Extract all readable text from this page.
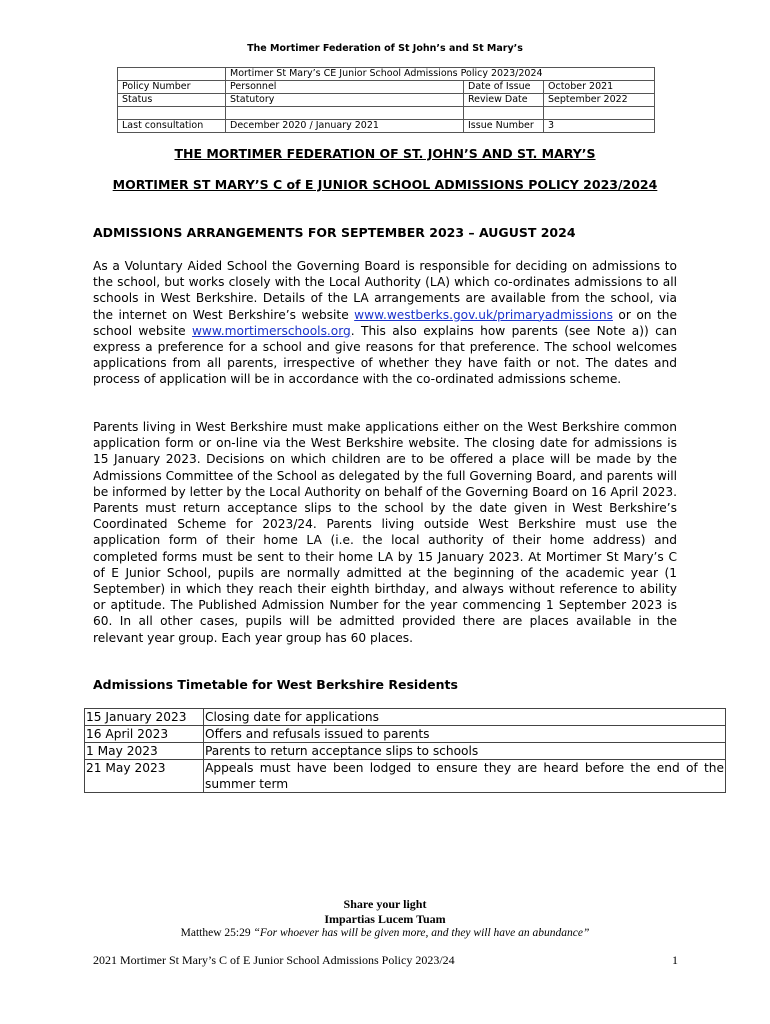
The Mortimer Federation of St John’s and St Mary’s
	Mortimer St Mary’s CE Junior School Admissions Policy 2023/2024		
Policy Number	Personnel	Date of Issue	October 2021
Status	Statutory	Review Date	September 2022

Last consultation	December 2020 / January 2021	Issue Number	3
THE MORTIMER FEDERATION OF ST. JOHN’S AND ST. MARY’S
MORTIMER ST MARY’S C of E JUNIOR SCHOOL ADMISSIONS POLICY 2023/2024
ADMISSIONS ARRANGEMENTS FOR SEPTEMBER 2023 – AUGUST 2024
As a Voluntary Aided School the Governing Board is responsible for deciding on admissions to the school, but works closely with the Local Authority (LA) which co-ordinates admissions to all schools in West Berkshire. Details of the LA arrangements are available from the school, via the internet on West Berkshire’s website www.westberks.gov.uk/primaryadmissions or on the school website www.mortimerschools.org. This also explains how parents (see Note a)) can express a preference for a school and give reasons for that preference. The school welcomes applications from all parents, irrespective of whether they have faith or not. The dates and process of application will be in accordance with the co-ordinated admissions scheme.
Parents living in West Berkshire must make applications either on the West Berkshire common application form or on-line via the West Berkshire website. The closing date for admissions is 15 January 2023. Decisions on which children are to be offered a place will be made by the Admissions Committee of the School as delegated by the full Governing Board, and parents will be informed by letter by the Local Authority on behalf of the Governing Board on 16 April 2023. Parents must return acceptance slips to the school by the date given in West Berkshire’s Coordinated Scheme for 2023/24. Parents living outside West Berkshire must use the application form of their home LA (i.e. the local authority of their home address) and completed forms must be sent to their home LA by 15 January 2023. At Mortimer St Mary’s C of E Junior School, pupils are normally admitted at the beginning of the academic year (1 September) in which they reach their eighth birthday, and always without reference to ability or aptitude. The Published Admission Number for the year commencing 1 September 2023 is 60. In all other cases, pupils will be admitted provided there are places available in the relevant year group. Each year group has 60 places.
Admissions Timetable for West Berkshire Residents
15 January 2023	Closing date for applications
16 April 2023	Offers and refusals issued to parents
1 May 2023	Parents to return acceptance slips to schools
21 May 2023	Appeals must have been lodged to ensure they are heard before the end of the summer term
Share your light
Impartias Lucem Tuam
Matthew 25:29 “For whoever has will be given more, and they will have an abundance”
2021 Mortimer St Mary’s C of E Junior School Admissions Policy 2023/24	1
